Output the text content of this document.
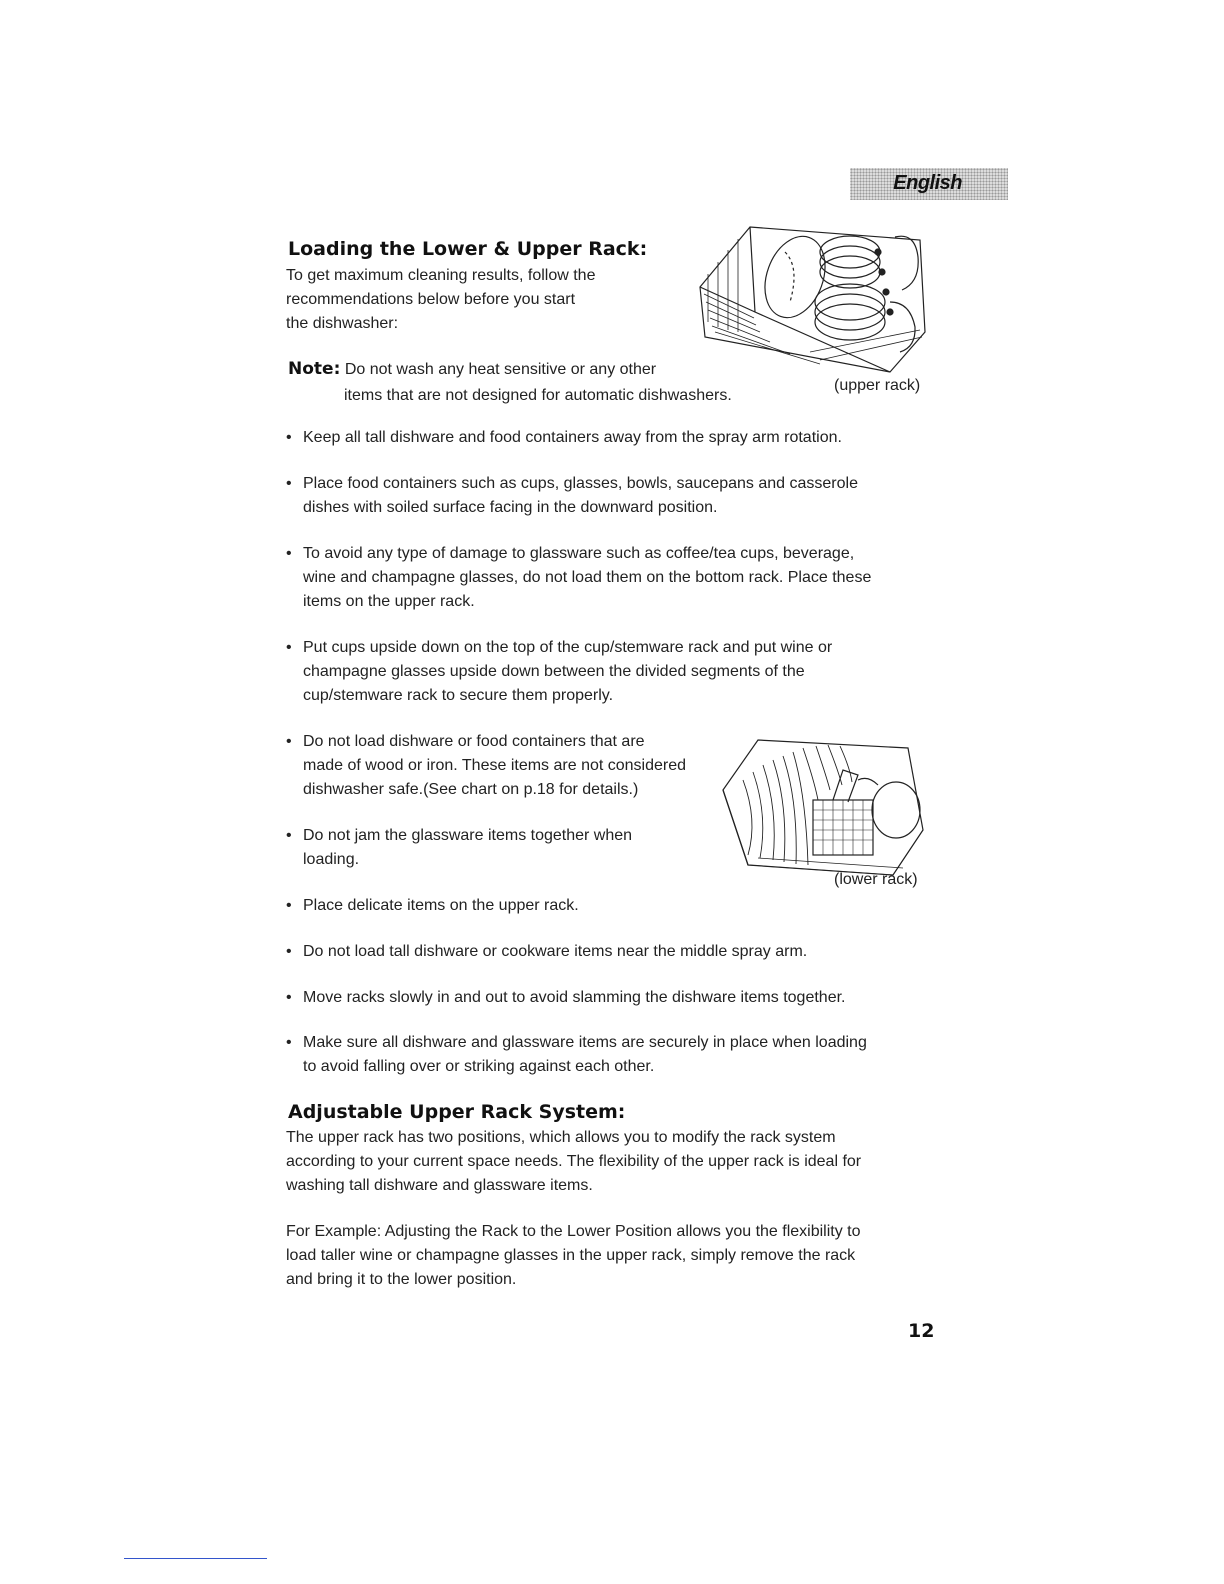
English
Loading the Lower & Upper Rack:

To get maximum cleaning results, follow the
recommendations below before you start
the dishwasher:

Note: Do not wash any heat sensitive or any other

items that are not designed for automatic dishwashers.

(upper rack)
• Keep all tall dishware and food containers away from the spray arm rotation.
• Place food containers such as cups, glasses, bowls, saucepans and casserole
dishes with soiled surface facing in the downward position.
• To avoid any type of damage to glassware such as coffee/tea cups, beverage,
wine and champagne glasses, do not load them on the bottom rack. Place these
items on the upper rack.
• Put cups upside down on the top of the cup/stemware rack and put wine or
champagne glasses upside down between the divided segments of the
cup/stemware rack to secure them properly.
• Do not load dishware or food containers that are
made of wood or iron. These items are not considered
dishwasher safe.(See chart on p.18 for details.)
• Do not jam the glassware items together when
loading.
• Place delicate items on the upper rack.
• Do not load tall dishware or cookware items near the middle spray arm.
• Move racks slowly in and out to avoid slamming the dishware items together.
• Make sure all dishware and glassware items are securely in place when loading
to avoid falling over or striking against each other.
(lower rack)
Adjustable Upper Rack System:

The upper rack has two positions, which allows you to modify the rack system
according to your current space needs. The flexibility of the upper rack is ideal for
washing tall dishware and glassware items.

For Example: Adjusting the Rack to the Lower Position allows you the flexibility to
load taller wine or champagne glasses in the upper rack, simply remove the rack
and bring it to the lower position.

12
